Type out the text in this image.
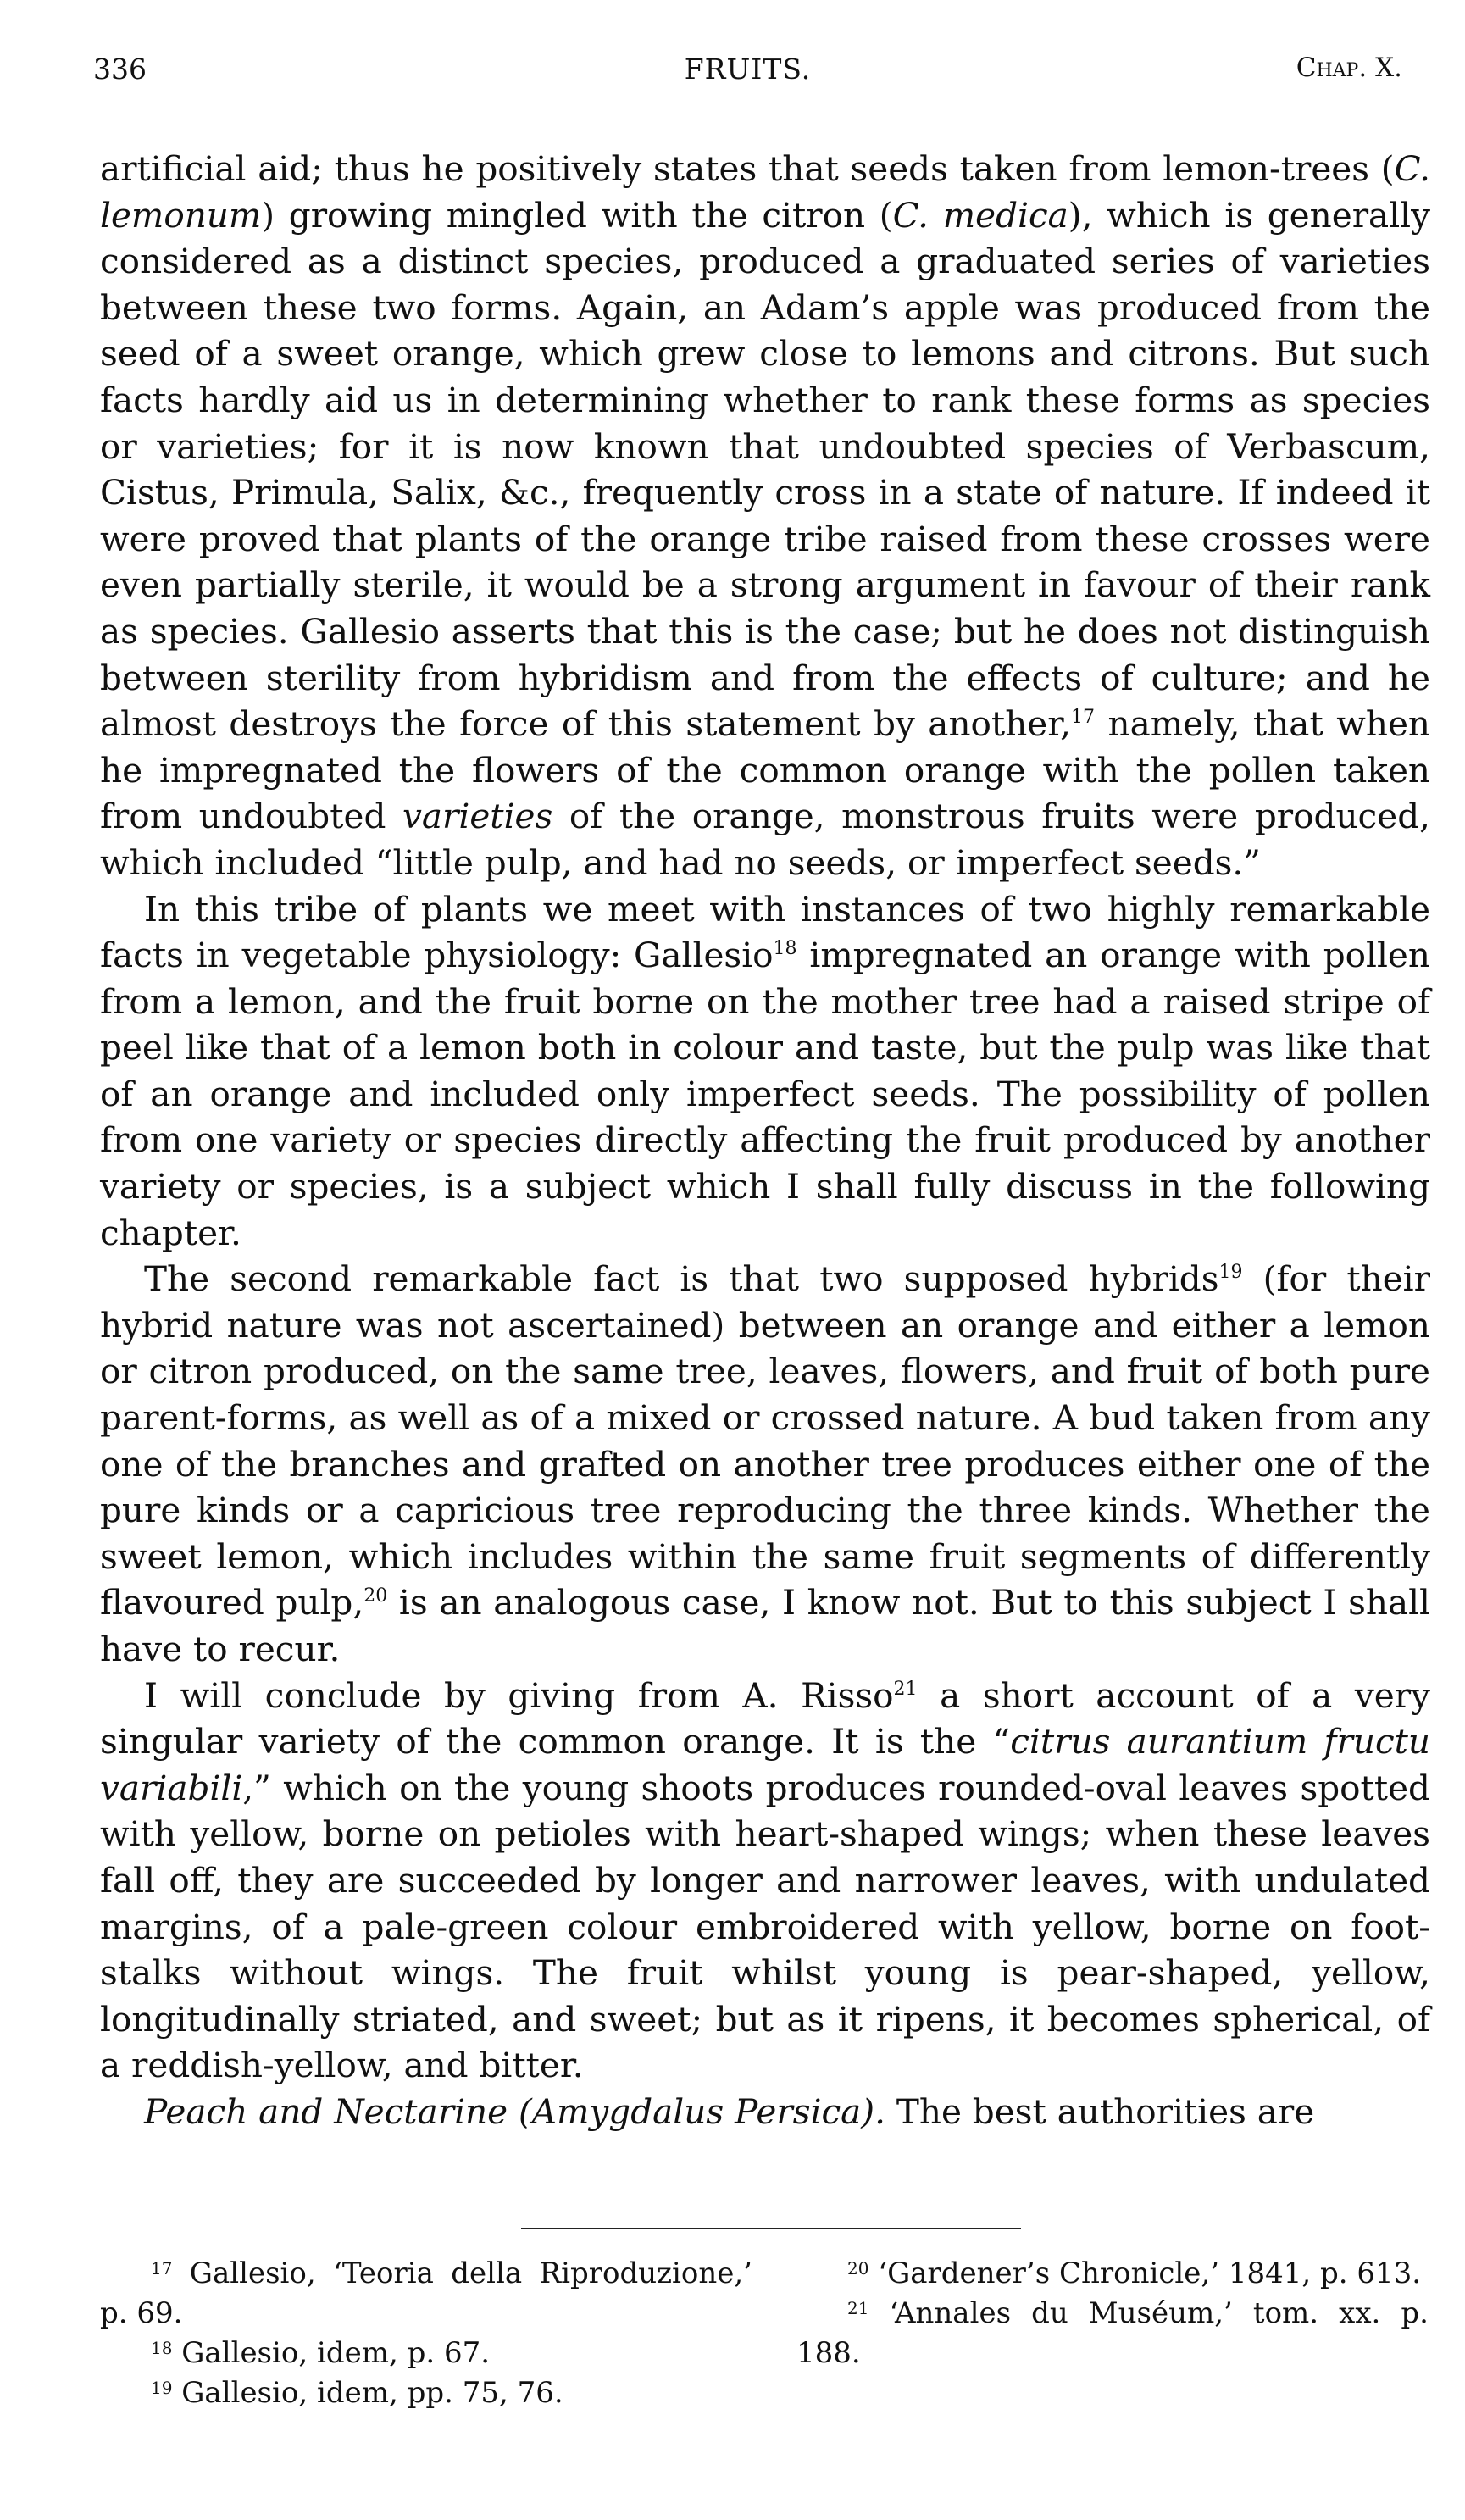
336	FRUITS.	Chap. X.

artificial aid; thus he positively states that seeds taken from lemon-trees (C. lemonum) growing mingled with the citron (C. medica), which is generally considered as a distinct species, produced a graduated series of varieties between these two forms. Again, an Adam’s apple was produced from the seed of a sweet orange, which grew close to lemons and citrons. But such facts hardly aid us in determining whether to rank these forms as species or varieties; for it is now known that undoubted species of Verbascum, Cistus, Primula, Salix, &c., frequently cross in a state of nature. If indeed it were proved that plants of the orange tribe raised from these crosses were even partially sterile, it would be a strong argument in favour of their rank as species. Gallesio asserts that this is the case; but he does not distinguish between sterility from hybridism and from the effects of culture; and he almost destroys the force of this statement by another,$^{17}$ namely, that when he impregnated the flowers of the common orange with the pollen taken from undoubted varieties of the orange, monstrous fruits were produced, which included “little pulp, and had no seeds, or imperfect seeds.”

In this tribe of plants we meet with instances of two highly remarkable facts in vegetable physiology: Gallesio$^{18}$ impregnated an orange with pollen from a lemon, and the fruit borne on the mother tree had a raised stripe of peel like that of a lemon both in colour and taste, but the pulp was like that of an orange and included only imperfect seeds. The possibility of pollen from one variety or species directly affecting the fruit produced by another variety or species, is a subject which I shall fully discuss in the following chapter.

The second remarkable fact is that two supposed hybrids$^{19}$ (for their hybrid nature was not ascertained) between an orange and either a lemon or citron produced, on the same tree, leaves, flowers, and fruit of both pure parent-forms, as well as of a mixed or crossed nature. A bud taken from any one of the branches and grafted on another tree produces either one of the pure kinds or a capricious tree reproducing the three kinds. Whether the sweet lemon, which includes within the same fruit segments of differently flavoured pulp,$^{20}$ is an analogous case, I know not. But to this subject I shall have to recur.

I will conclude by giving from A. Risso$^{21}$ a short account of a very singular variety of the common orange. It is the “citrus aurantium fructu variabili,” which on the young shoots produces rounded-oval leaves spotted with yellow, borne on petioles with heart-shaped wings; when these leaves fall off, they are succeeded by longer and narrower leaves, with undulated margins, of a pale-green colour embroidered with yellow, borne on foot-stalks without wings. The fruit whilst young is pear-shaped, yellow, longitudinally striated, and sweet; but as it ripens, it becomes spherical, of a reddish-yellow, and bitter.

Peach and Nectarine (Amygdalus Persica). The best authorities are

$^{17}$ Gallesio, ‘Teoria della Riproduzione,’ p. 69.

$^{18}$ Gallesio, idem, p. 67.

$^{19}$ Gallesio, idem, pp. 75, 76.

$^{20}$ ‘Gardener’s Chronicle,’ 1841, p. 613.

$^{21}$ ‘Annales du Muséum,’ tom. xx. p. 188.
